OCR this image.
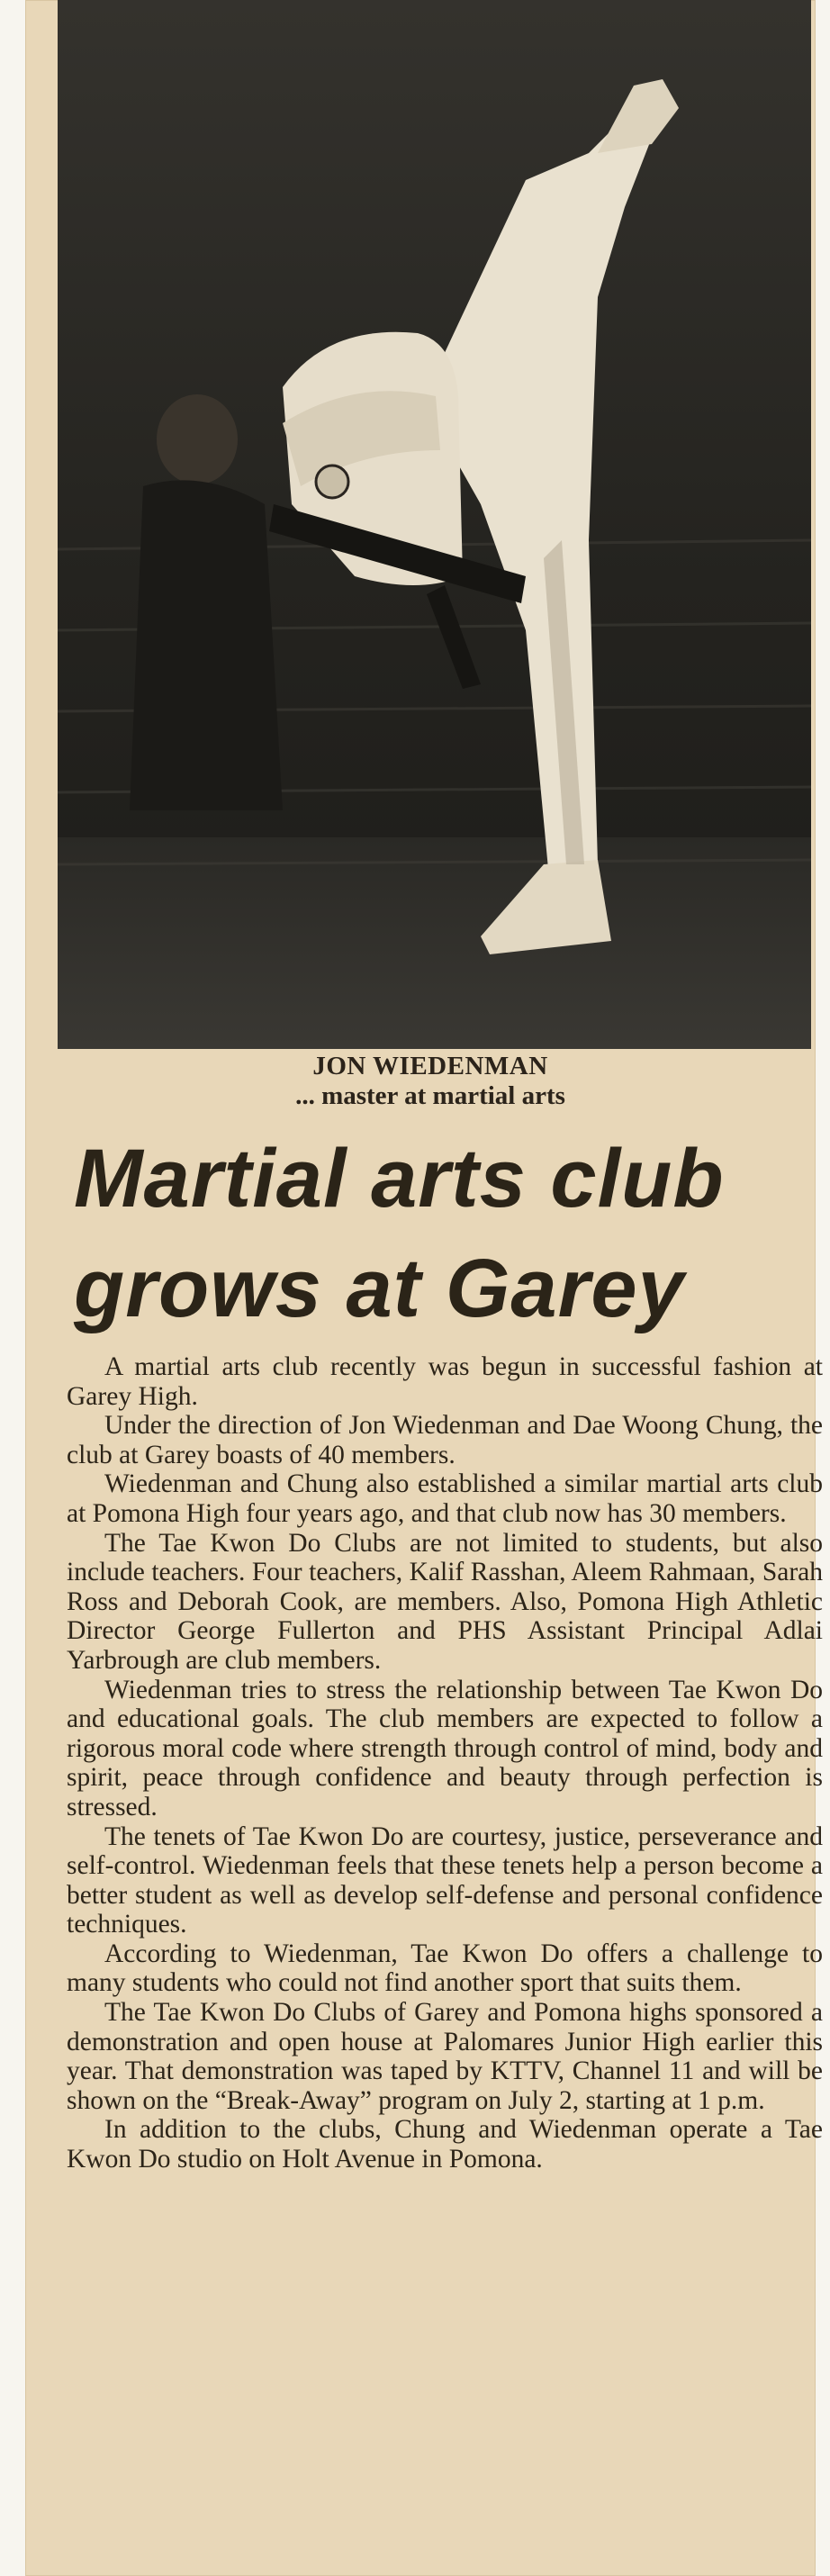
JON WIEDENMAN
... master at martial arts
Martial arts club
grows at Garey

A martial arts club recently was begun in successful fashion at Garey High.

Under the direction of Jon Wiedenman and Dae Woong Chung, the club at Garey boasts of 40 members.

Wiedenman and Chung also established a similar martial arts club at Pomona High four years ago, and that club now has 30 members.

The Tae Kwon Do Clubs are not limited to students, but also include teachers. Four teachers, Kalif Rasshan, Aleem Rahmaan, Sarah Ross and Deborah Cook, are members. Also, Pomona High Athletic Director George Fullerton and PHS Assistant Principal Adlai Yarbrough are club members.

Wiedenman tries to stress the relationship between Tae Kwon Do and educational goals. The club members are expected to follow a rigorous moral code where strength through control of mind, body and spirit, peace through confidence and beauty through perfection is stressed.

The tenets of Tae Kwon Do are courtesy, justice, perseverance and self-control. Wiedenman feels that these tenets help a person become a better student as well as develop self-defense and personal confidence techniques.

According to Wiedenman, Tae Kwon Do offers a challenge to many students who could not find another sport that suits them.

The Tae Kwon Do Clubs of Garey and Pomona highs sponsored a demonstration and open house at Palomares Junior High earlier this year. That demonstration was taped by KTTV, Channel 11 and will be shown on the “Break-Away” program on July 2, starting at 1 p.m.

In addition to the clubs, Chung and Wiedenman operate a Tae Kwon Do studio on Holt Avenue in Pomona.
